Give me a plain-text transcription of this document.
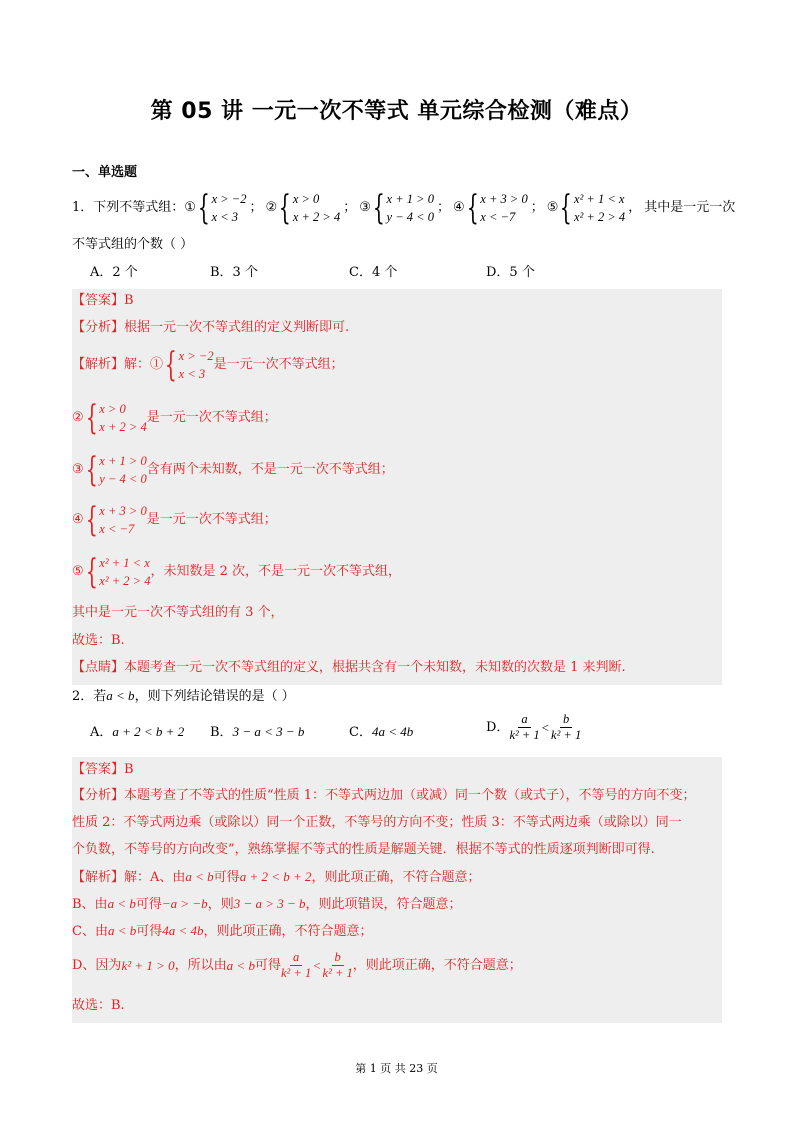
第 05 讲 一元一次不等式 单元综合检测（难点）
一、单选题
1．下列不等式组： ① { x > −2
x < 3
； ② { x > 0
x + 2 > 4
； ③ { x + 1 > 0
y − 4 < 0
； ④ { x + 3 > 0
x < −7
； ⑤ { x² + 1 < x
x² + 2 > 4
， 其中是一元一次
不等式组的个数（ ）
A．2 个	B．3 个	C．4 个	D．5 个
【答案】B
【分析】根据一元一次不等式组的定义判断即可.
【解析】解：① { x > −2
x < 3
是一元一次不等式组；
② { x > 0
x + 2 > 4
是一元一次不等式组；
③ { x + 1 > 0
y − 4 < 0
含有两个未知数，不是一元一次不等式组；
④ { x + 3 > 0
x < −7
是一元一次不等式组；
⑤ { x² + 1 < x
x² + 2 > 4
，未知数是 2 次，不是一元一次不等式组，
其中是一元一次不等式组的有 3 个，
故选：B.
【点睛】本题考查一元一次不等式组的定义，根据共含有一个未知数，未知数的次数是 1 来判断.
2．若a < b，则下列结论错误的是（ ）
A．a + 2 < b + 2 B．3 − a < 3 − b	C．4a < 4b	D． $\frac{a}{\text{k² + 1}} < \frac{b}{\text{k² + 1}}$
【答案】B
【分析】本题考查了不等式的性质“性质 1：不等式两边加（或减）同一个数（或式子），不等号的方向不变；
性质 2：不等式两边乘（或除以）同一个正数，不等号的方向不变；性质 3：不等式两边乘（或除以）同一
个负数，不等号的方向改变”，熟练掌握不等式的性质是解题关键．根据不等式的性质逐项判断即可得.
【解析】解：A、由a < b可得a + 2 < b + 2，则此项正确，不符合题意；
B、由a < b可得−a > −b，则3 − a > 3 − b，则此项错误，符合题意；
C、由a < b可得4a < 4b，则此项正确，不符合题意；
D、因为 k² + 1 > 0 ，所以由 a < b 可得 $\frac{a}{\text{k² + 1}} < \frac{b}{\text{k² + 1}}$ ，则此项正确，不符合题意；
故选：B.
第 1 页 共 23 页
